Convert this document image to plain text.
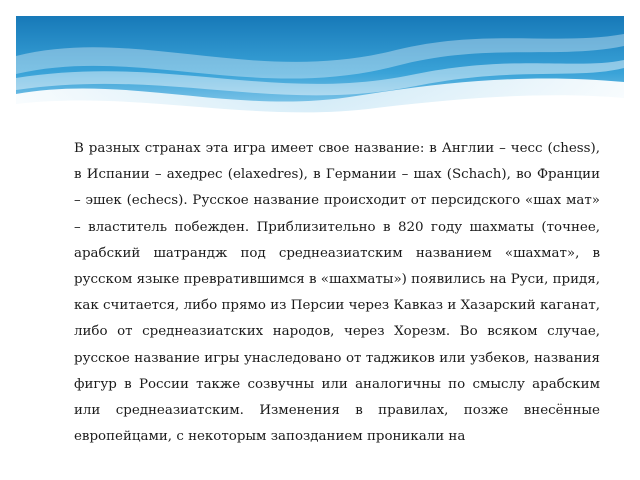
В разных странах эта игра имеет свое название: в Англии – чесс (chess), в Испании – ахедрес (elaxedres), в Германии – шах (Schach), во Франции – эшек (echecs). Русское название происходит от персидского «шах мат» – властитель побежден. Приблизительно в 820 году шахматы (точнее, арабский шатрандж под среднеазиатским названием «шахмат», в русском языке превратившимся в «шахматы») появились на Руси, придя, как считается, либо прямо из Персии через Кавказ и Хазарский каганат, либо от среднеазиатских народов, через Хорезм. Во всяком случае, русское название игры унаследовано от таджиков или узбеков, названия фигур в России также созвучны или аналогичны по смыслу арабским или среднеазиатским. Изменения в правилах, позже внесённые европейцами, с некоторым запозданием проникали на
